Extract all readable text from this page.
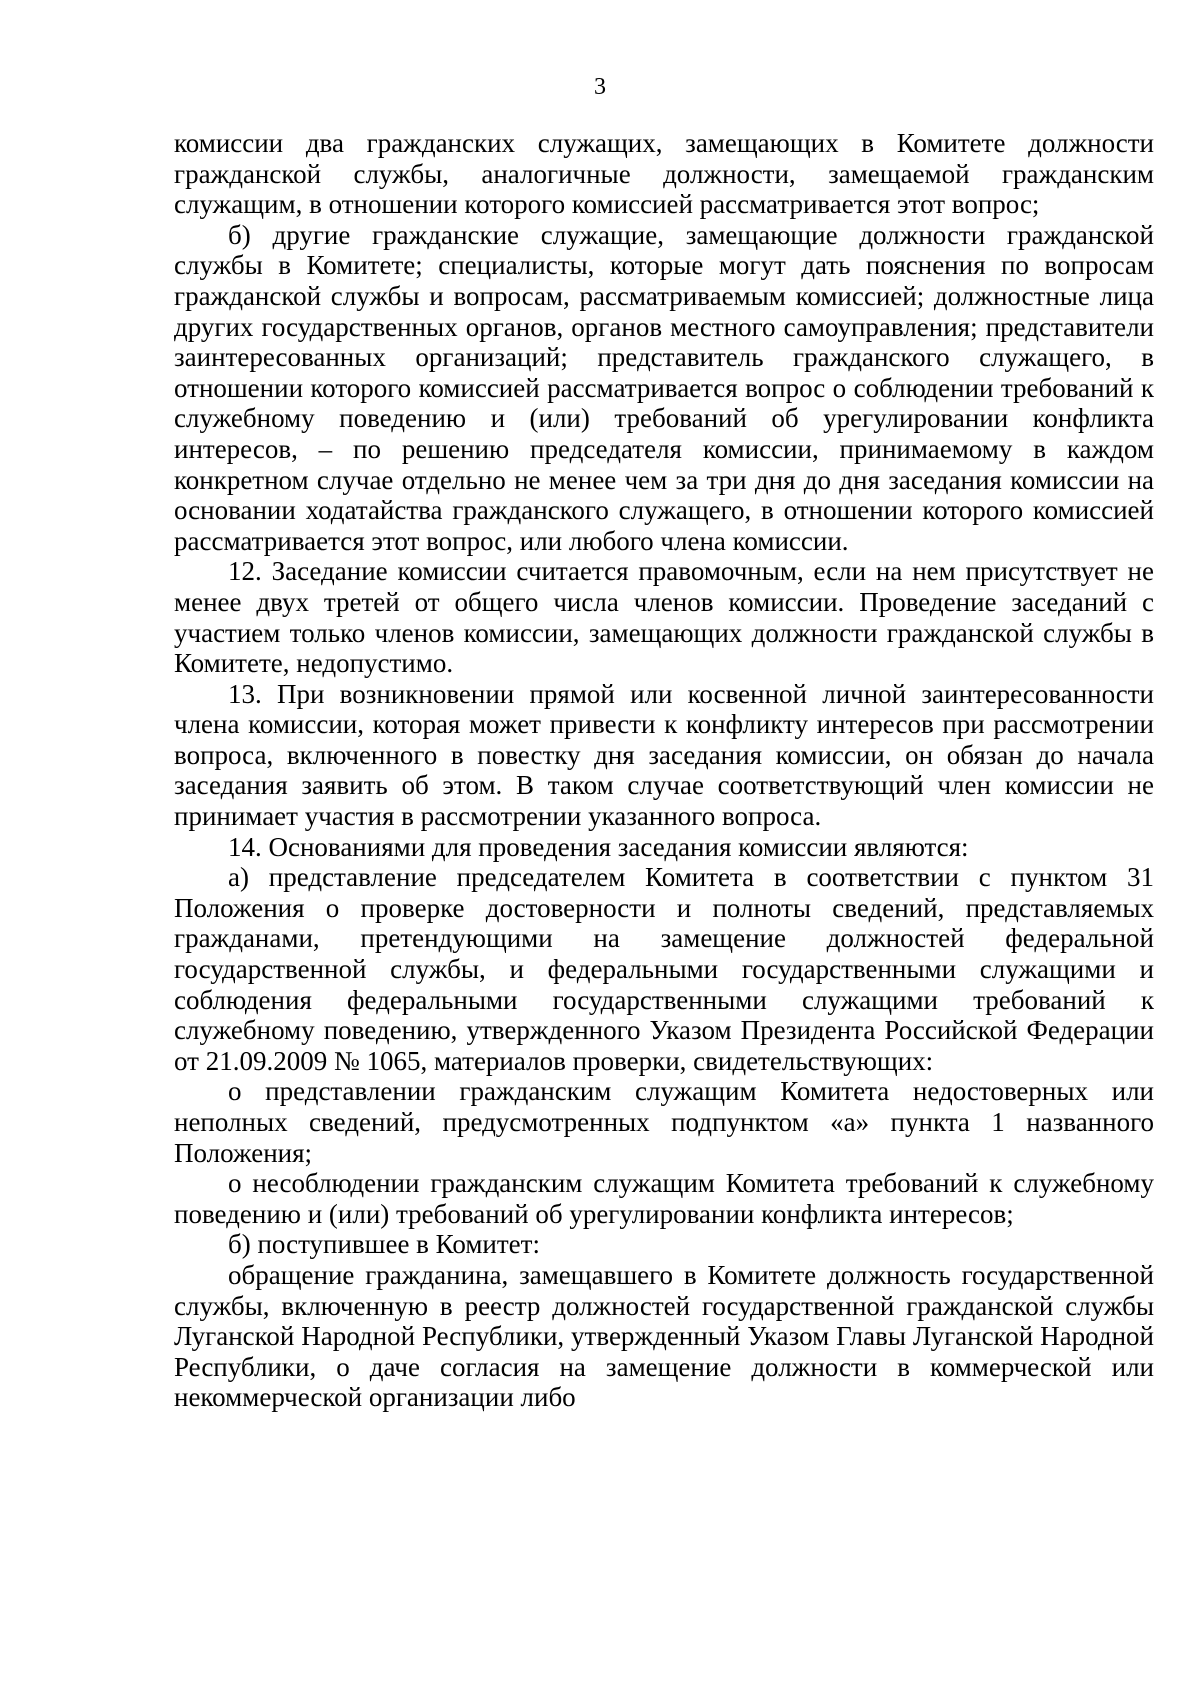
3

комиссии два гражданских служащих, замещающих в Комитете должности гражданской службы, аналогичные должности, замещаемой гражданским служащим, в отношении которого комиссией рассматривается этот вопрос;

б) другие гражданские служащие, замещающие должности гражданской службы в Комитете; специалисты, которые могут дать пояснения по вопросам гражданской службы и вопросам, рассматриваемым комиссией; должностные лица других государственных органов, органов местного самоуправления; представители заинтересованных организаций; представитель гражданского служащего, в отношении которого комиссией рассматривается вопрос о соблюдении требований к служебному поведению и (или) требований об урегулировании конфликта интересов, – по решению председателя комиссии, принимаемому в каждом конкретном случае отдельно не менее чем за три дня до дня заседания комиссии на основании ходатайства гражданского служащего, в отношении которого комиссией рассматривается этот вопрос, или любого члена комиссии.

12. Заседание комиссии считается правомочным, если на нем присутствует не менее двух третей от общего числа членов комиссии. Проведение заседаний с участием только членов комиссии, замещающих должности гражданской службы в Комитете, недопустимо.

13. При возникновении прямой или косвенной личной заинтересованности члена комиссии, которая может привести к конфликту интересов при рассмотрении вопроса, включенного в повестку дня заседания комиссии, он обязан до начала заседания заявить об этом. В таком случае соответствующий член комиссии не принимает участия в рассмотрении указанного вопроса.

14. Основаниями для проведения заседания комиссии являются:

а) представление председателем Комитета в соответствии с пунктом 31 Положения о проверке достоверности и полноты сведений, представляемых гражданами, претендующими на замещение должностей федеральной государственной службы, и федеральными государственными служащими и соблюдения федеральными государственными служащими требований к служебному поведению, утвержденного Указом Президента Российской Федерации от 21.09.2009 № 1065, материалов проверки, свидетельствующих:

о представлении гражданским служащим Комитета недостоверных или неполных сведений, предусмотренных подпунктом «а» пункта 1 названного Положения;

о несоблюдении гражданским служащим Комитета требований к служебному поведению и (или) требований об урегулировании конфликта интересов;

б) поступившее в Комитет:

обращение гражданина, замещавшего в Комитете должность государственной службы, включенную в реестр должностей государственной гражданской службы Луганской Народной Республики, утвержденный Указом Главы Луганской Народной Республики, о даче согласия на замещение должности в коммерческой или некоммерческой организации либо
